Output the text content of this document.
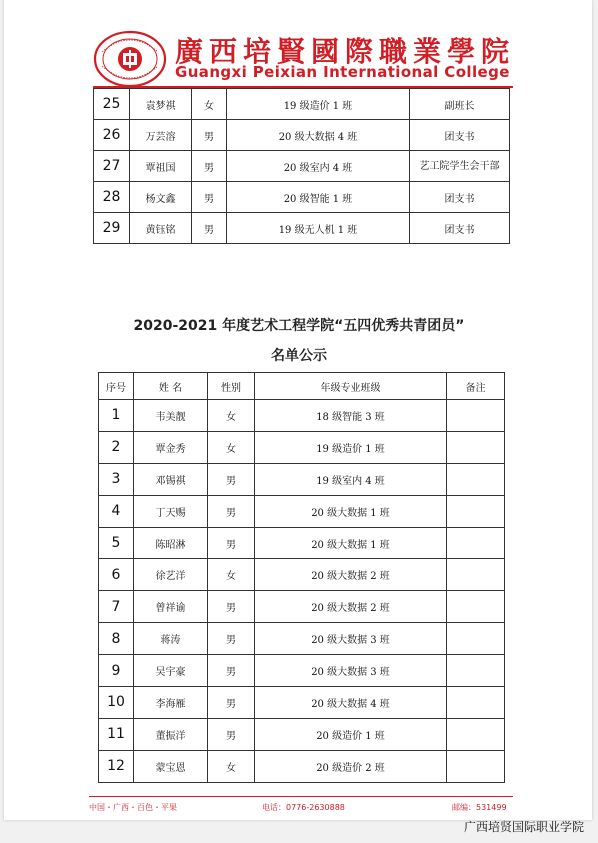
廣西培賢國際職業學院
Guangxi Peixian International College
25	袁梦祺	女	19 级造价 1 班	副班长
26	万芸溶	男	20 级大数据 4 班	团支书
27	覃祖国	男	20 级室内 4 班	艺工院学生会干部
28	杨文鑫	男	20 级智能 1 班	团支书
29	黄钰铭	男	19 级无人机 1 班	团支书
2020-2021 年度艺术工程学院“五四优秀共青团员”
名单公示
序号	姓 名	性别	年级专业班级	备注
1	韦美靓	女	18 级智能 3 班	
2	覃金秀	女	19 级造价 1 班	
3	邓锡祺	男	19 级室内 4 班	
4	丁天赐	男	20 级大数据 1 班	
5	陈昭淋	男	20 级大数据 1 班	
6	徐艺洋	女	20 级大数据 2 班	
7	曾祥谕	男	20 级大数据 2 班	
8	蒋涛	男	20 级大数据 3 班	
9	吴宇豪	男	20 级大数据 3 班	
10	李海雁	男	20 级大数据 4 班	
11	董振洋	男	20 级造价 1 班	
12	蒙宝恩	女	20 级造价 2 班	
中国・广西・百色・平果	电话：0776-2630888	邮编：531499
广西培贤国际职业学院
